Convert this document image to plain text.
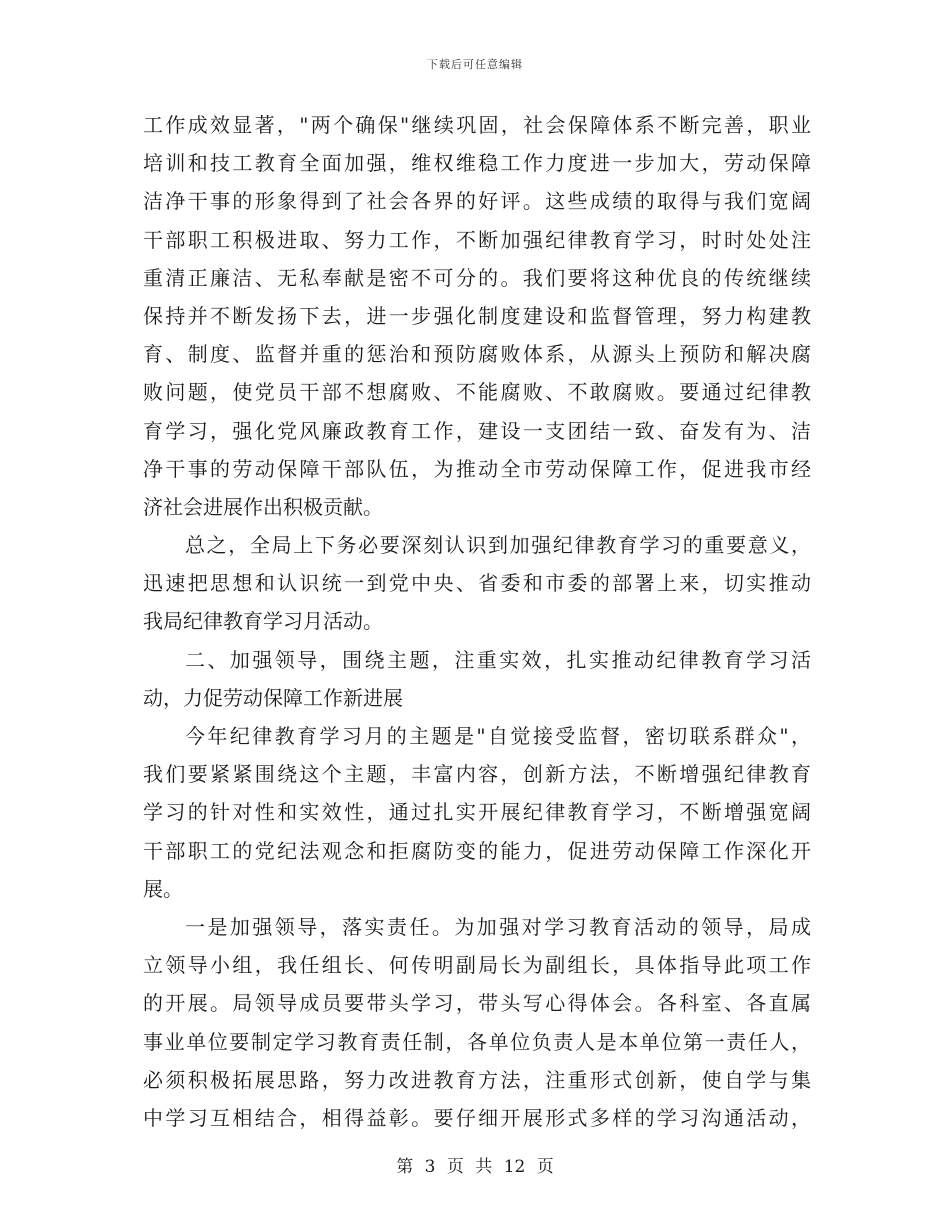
下载后可任意编辑
工作成效显著，"两个确保"继续巩固，社会保障体系不断完善，职业
培训和技工教育全面加强，维权维稳工作力度进一步加大，劳动保障
洁净干事的形象得到了社会各界的好评。这些成绩的取得与我们宽阔
干部职工积极进取、努力工作，不断加强纪律教育学习，时时处处注
重清正廉洁、无私奉献是密不可分的。我们要将这种优良的传统继续
保持并不断发扬下去，进一步强化制度建设和监督管理，努力构建教
育、制度、监督并重的惩治和预防腐败体系，从源头上预防和解决腐
败问题，使党员干部不想腐败、不能腐败、不敢腐败。要通过纪律教
育学习，强化党风廉政教育工作，建设一支团结一致、奋发有为、洁
净干事的劳动保障干部队伍，为推动全市劳动保障工作，促进我市经
济社会进展作出积极贡献。
总之，全局上下务必要深刻认识到加强纪律教育学习的重要意义，
迅速把思想和认识统一到党中央、省委和市委的部署上来，切实推动
我局纪律教育学习月活动。
二、加强领导，围绕主题，注重实效，扎实推动纪律教育学习活
动，力促劳动保障工作新进展
今年纪律教育学习月的主题是"自觉接受监督，密切联系群众"，
我们要紧紧围绕这个主题，丰富内容，创新方法，不断增强纪律教育
学习的针对性和实效性，通过扎实开展纪律教育学习，不断增强宽阔
干部职工的党纪法观念和拒腐防变的能力，促进劳动保障工作深化开
展。
一是加强领导，落实责任。为加强对学习教育活动的领导，局成
立领导小组，我任组长、何传明副局长为副组长，具体指导此项工作
的开展。局领导成员要带头学习，带头写心得体会。各科室、各直属
事业单位要制定学习教育责任制，各单位负责人是本单位第一责任人，
必须积极拓展思路，努力改进教育方法，注重形式创新，使自学与集
中学习互相结合，相得益彰。要仔细开展形式多样的学习沟通活动，
第 3 页 共 12 页
